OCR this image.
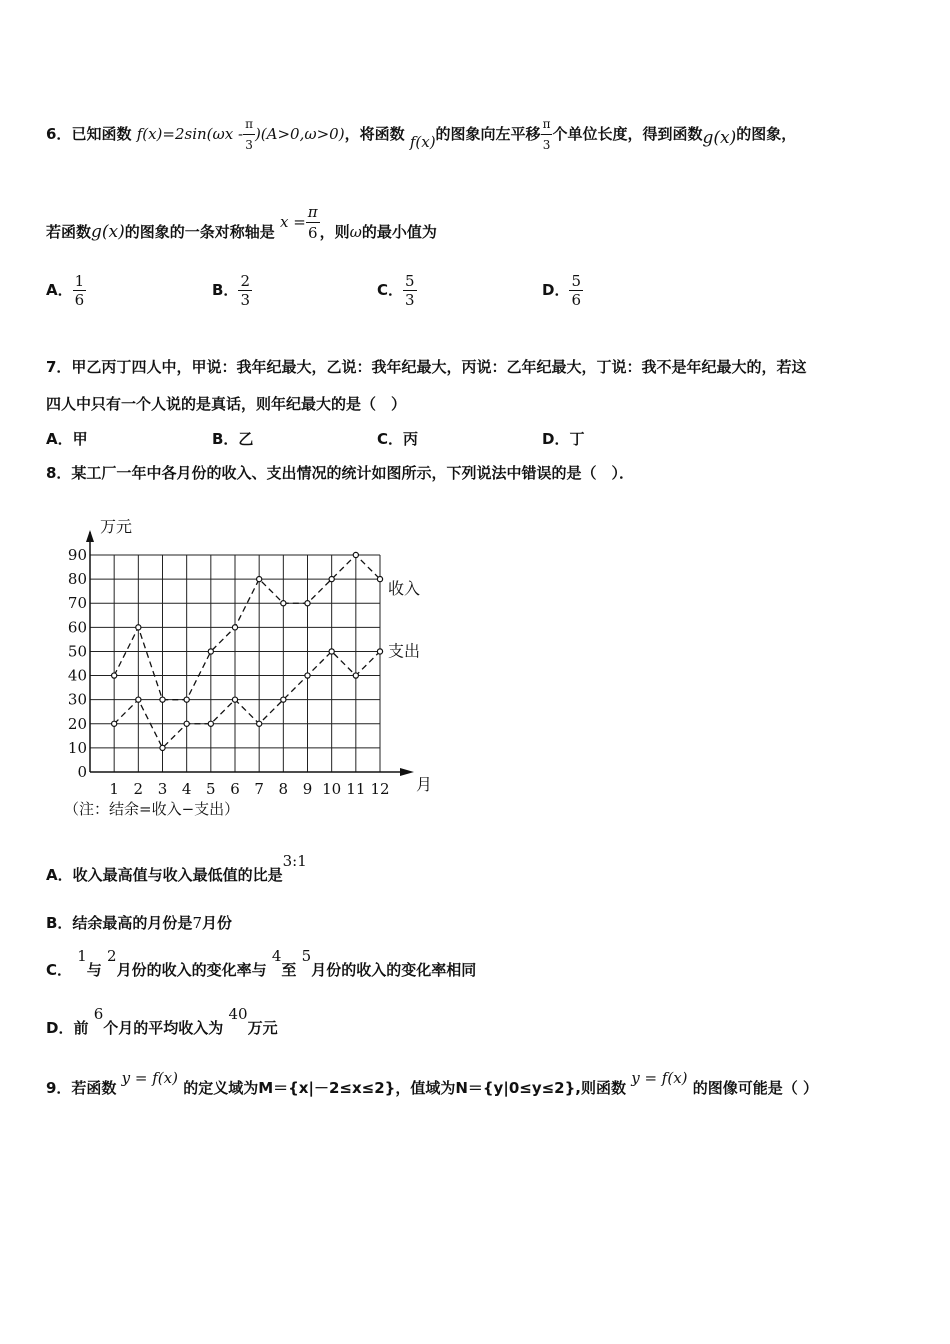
6．已知函数 $f(x)=2\sin(\omega x - \frac{\pi}{3} )(A>0,\omega>0)$，将函数 f(x)的图象向左平移 $\frac{\pi}{3}$ 个单位长度，得到函数g(x)的图象，
若函数g(x)的图象的一条对称轴是 $x = \frac{\pi}{6}$ ，则ω的最小值为
A． $\frac{1}{6}$	B． $\frac{2}{3}$	C． $\frac{5}{3}$	D． $\frac{5}{6}$
7．甲乙丙丁四人中，甲说：我年纪最大，乙说：我年纪最大，丙说：乙年纪最大，丁说：我不是年纪最大的，若这
四人中只有一个人说的是真话，则年纪最大的是（　）
A．甲	B．乙	C．丙	D．丁
8．某工厂一年中各月份的收入、支出情况的统计如图所示，下列说法中错误的是（　）．
0
10
20
30
40
50
60
70
80
90
1 2 3 4 5 6 7 8 9 10 11 12
万元
月
（注：结余=收入−支出）
收入
支出
A．收入最高值与收入最低值的比是3:1
B．结余最高的月份是7月份
C． 1与 2月份的收入的变化率与 4至 5月份的收入的变化率相同
D．前 6个月的平均收入为 40万元
9．若函数 y = f(x) 的定义域为M＝{x|－2≤x≤2}，值域为N＝{y|0≤y≤2},则函数 y = f(x) 的图像可能是（ ）
